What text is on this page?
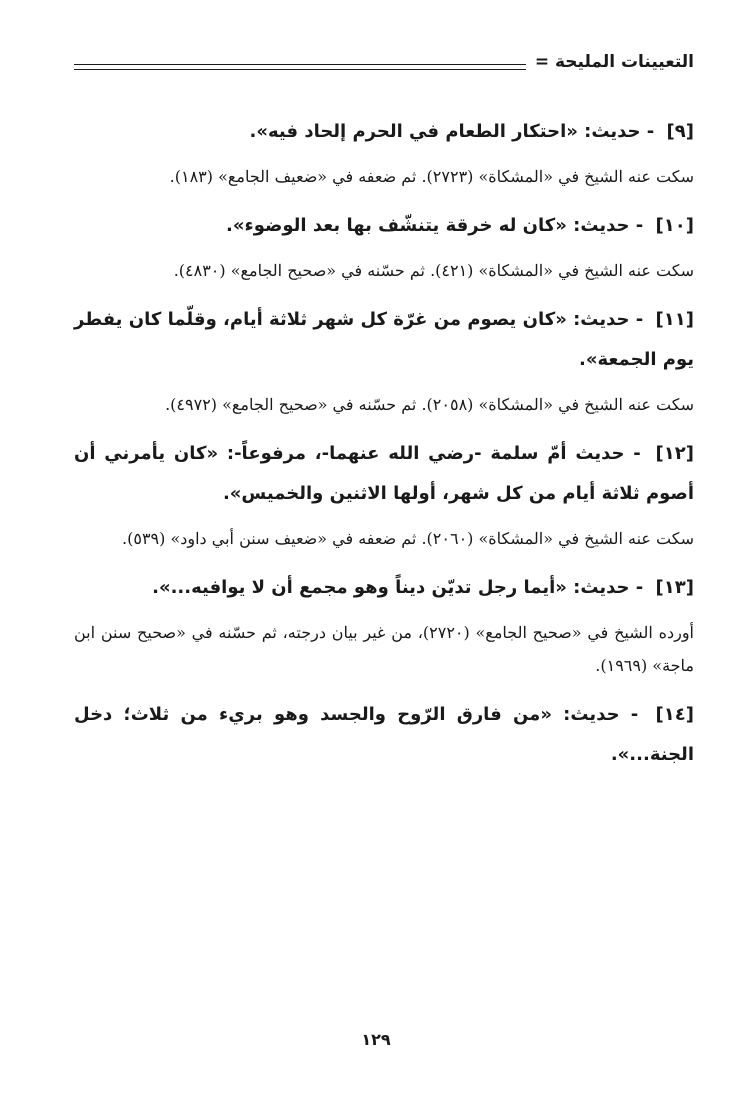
التعيينات المليحة =

[٩] - حديث: «احتكار الطعام في الحرم إلحاد فيه».

سكت عنه الشيخ في «المشكاة» (٢٧٢٣). ثم ضعفه في «ضعيف الجامع» (١٨٣).

[١٠] - حديث: «كان له خرقة يتنشّف بها بعد الوضوء».

سكت عنه الشيخ في «المشكاة» (٤٢١). ثم حسّنه في «صحيح الجامع» (٤٨٣٠).

[١١] - حديث: «كان يصوم من غرّة كل شهر ثلاثة أيام، وقلّما كان يفطر يوم الجمعة».

سكت عنه الشيخ في «المشكاة» (٢٠٥٨). ثم حسّنه في «صحيح الجامع» (٤٩٧٢).

[١٢] - حديث أمّ سلمة -رضي الله عنهما-، مرفوعاً-: «كان يأمرني أن أصوم ثلاثة أيام من كل شهر، أولها الاثنين والخميس».

سكت عنه الشيخ في «المشكاة» (٢٠٦٠). ثم ضعفه في «ضعيف سنن أبي داود» (٥٣٩).

[١٣] - حديث: «أيما رجل تديّن ديناً وهو مجمع أن لا يوافيه...».

أورده الشيخ في «صحيح الجامع» (٢٧٢٠)، من غير بيان درجته، ثم حسّنه في «صحيح سنن ابن ماجة» (١٩٦٩).

[١٤] - حديث: «من فارق الرّوح والجسد وهو بريء من ثلاث؛ دخل الجنة...».

١٢٩
